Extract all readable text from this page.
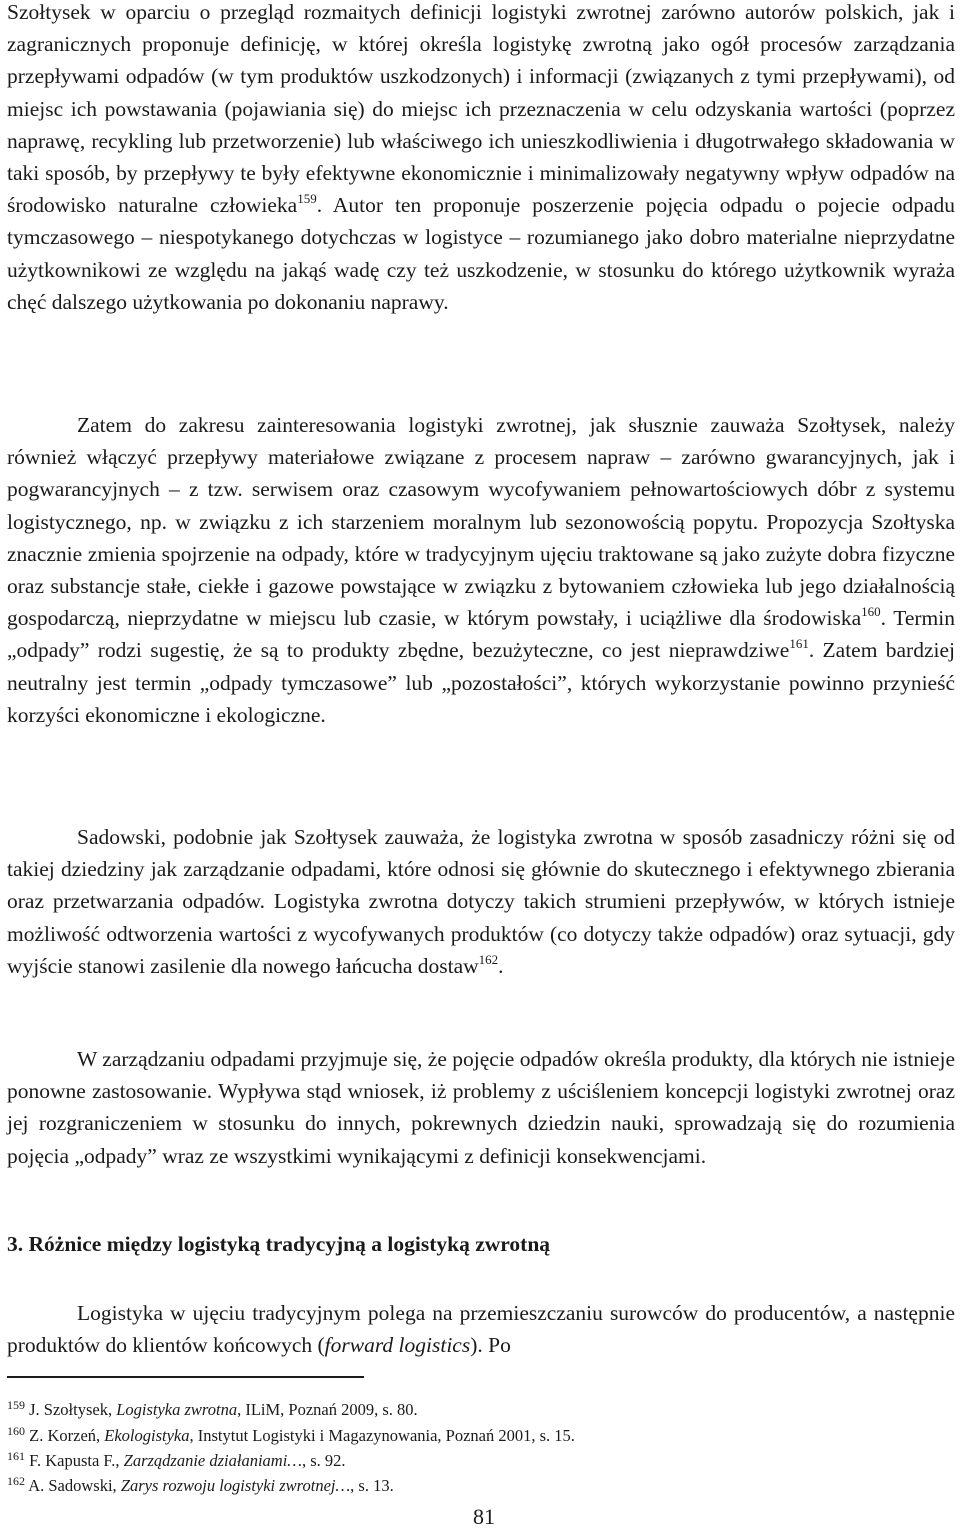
Szołtysek w oparciu o przegląd rozmaitych definicji logistyki zwrotnej zarówno autorów polskich, jak i zagranicznych proponuje definicję, w której określa logistykę zwrotną jako ogół procesów zarządzania przepływami odpadów (w tym produktów uszkodzonych) i informacji (związanych z tymi przepływami), od miejsc ich powstawania (pojawiania się) do miejsc ich przeznaczenia w celu odzyskania wartości (poprzez naprawę, recykling lub przetworzenie) lub właściwego ich unieszkodliwienia i długotrwałego składowania w taki sposób, by przepływy te były efektywne ekonomicznie i minimalizowały negatywny wpływ odpadów na środowisko naturalne człowieka$^{159}$. Autor ten proponuje poszerzenie pojęcia odpadu o pojecie odpadu tymczasowego – niespotykanego dotychczas w logistyce – rozumianego jako dobro materialne nieprzydatne użytkownikowi ze względu na jakąś wadę czy też uszkodzenie, w stosunku do którego użytkownik wyraża chęć dalszego użytkowania po dokonaniu naprawy.

Zatem do zakresu zainteresowania logistyki zwrotnej, jak słusznie zauważa Szołtysek, należy również włączyć przepływy materiałowe związane z procesem napraw – zarówno gwarancyjnych, jak i pogwarancyjnych – z tzw. serwisem oraz czasowym wycofywaniem pełnowartościowych dóbr z systemu logistycznego, np. w związku z ich starzeniem moralnym lub sezonowością popytu. Propozycja Szołtyska znacznie zmienia spojrzenie na odpady, które w tradycyjnym ujęciu traktowane są jako zużyte dobra fizyczne oraz substancje stałe, ciekłe i gazowe powstające w związku z bytowaniem człowieka lub jego działalnością gospodarczą, nieprzydatne w miejscu lub czasie, w którym powstały, i uciążliwe dla środowiska$^{160}$. Termin „odpady” rodzi sugestię, że są to produkty zbędne, bezużyteczne, co jest nieprawdziwe$^{161}$. Zatem bardziej neutralny jest termin „odpady tymczasowe” lub „pozostałości”, których wykorzystanie powinno przynieść korzyści ekonomiczne i ekologiczne.

Sadowski, podobnie jak Szołtysek zauważa, że logistyka zwrotna w sposób zasadniczy różni się od takiej dziedziny jak zarządzanie odpadami, które odnosi się głównie do skutecznego i efektywnego zbierania oraz przetwarzania odpadów. Logistyka zwrotna dotyczy takich strumieni przepływów, w których istnieje możliwość odtworzenia wartości z wycofywanych produktów (co dotyczy także odpadów) oraz sytuacji, gdy wyjście stanowi zasilenie dla nowego łańcucha dostaw$^{162}$.

W zarządzaniu odpadami przyjmuje się, że pojęcie odpadów określa produkty, dla których nie istnieje ponowne zastosowanie. Wypływa stąd wniosek, iż problemy z uściśleniem koncepcji logistyki zwrotnej oraz jej rozgraniczeniem w stosunku do innych, pokrewnych dziedzin nauki, sprowadzają się do rozumienia pojęcia „odpady” wraz ze wszystkimi wynikającymi z definicji konsekwencjami.

3. Różnice między logistyką tradycyjną a logistyką zwrotną

Logistyka w ujęciu tradycyjnym polega na przemieszczaniu surowców do producentów, a następnie produktów do klientów końcowych (forward logistics). Po

$^{159}$ J. Szołtysek, Logistyka zwrotna, ILiM, Poznań 2009, s. 80.

$^{160}$ Z. Korzeń, Ekologistyka, Instytut Logistyki i Magazynowania, Poznań 2001, s. 15.

$^{161}$ F. Kapusta F., Zarządzanie działaniami…, s. 92.

$^{162}$ A. Sadowski, Zarys rozwoju logistyki zwrotnej…, s. 13.

81
